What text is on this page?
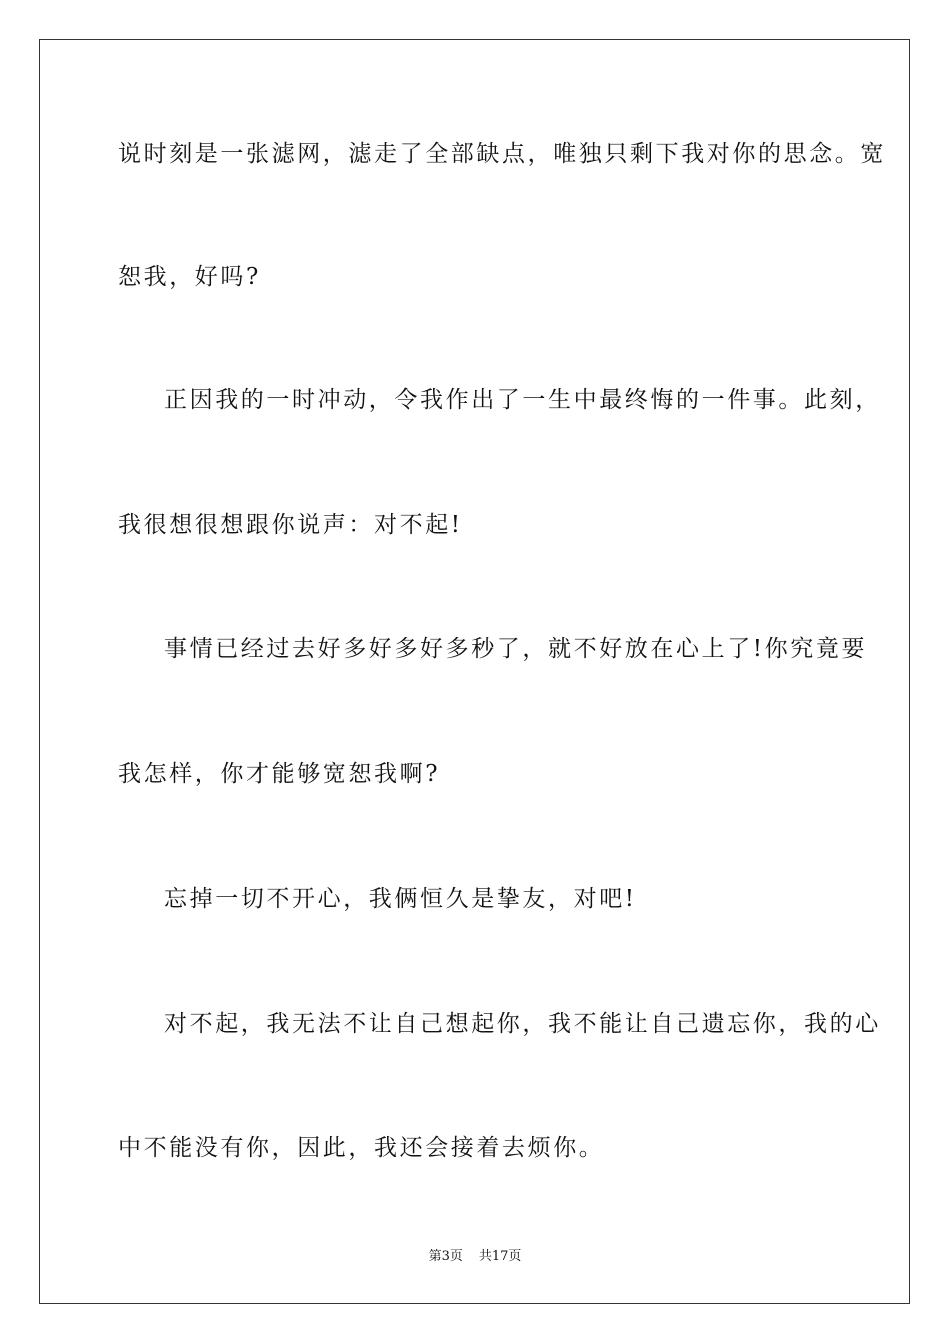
说时刻是一张滤网，滤走了全部缺点，唯独只剩下我对你的思念。宽
恕我，好吗?
正因我的一时冲动，令我作出了一生中最终悔的一件事。此刻，
我很想很想跟你说声：对不起!
事情已经过去好多好多好多秒了，就不好放在心上了!你究竟要
我怎样，你才能够宽恕我啊?
忘掉一切不开心，我俩恒久是挚友，对吧!
对不起，我无法不让自己想起你，我不能让自己遗忘你，我的心
中不能没有你，因此，我还会接着去烦你。
第3页 共17页
